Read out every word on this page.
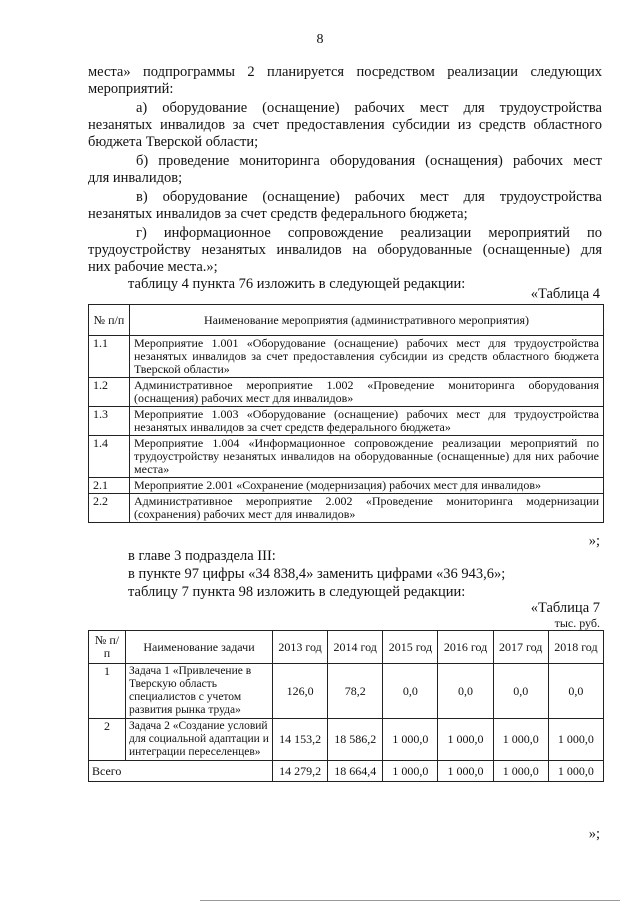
8
места» подпрограммы 2 планируется посредством реализации следующих
мероприятий:
а) оборудование (оснащение) рабочих мест для трудоустройства
незанятых инвалидов за счет предоставления субсидии из средств областного
бюджета Тверской области;
б) проведение мониторинга оборудования (оснащения) рабочих мест
для инвалидов;
в) оборудование (оснащение) рабочих мест для трудоустройства
незанятых инвалидов за счет средств федерального бюджета;
г) информационное сопровождение реализации мероприятий по
трудоустройству незанятых инвалидов на оборудованные (оснащенные) для
них рабочие места.»;
таблицу 4 пункта 76 изложить в следующей редакции:
«Таблица 4
№ п/п	Наименование мероприятия (административного мероприятия)
1.1	Мероприятие 1.001 «Оборудование (оснащение) рабочих мест для трудоустройства незанятых инвалидов за счет предоставления субсидии из средств областного бюджета Тверской области»
1.2	Административное мероприятие 1.002 «Проведение мониторинга оборудования (оснащения) рабочих мест для инвалидов»
1.3	Мероприятие 1.003 «Оборудование (оснащение) рабочих мест для трудоустройства незанятых инвалидов за счет средств федерального бюджета»
1.4	Мероприятие 1.004 «Информационное сопровождение реализации мероприятий по трудоустройству незанятых инвалидов на оборудованные (оснащенные) для них рабочие места»
2.1	Мероприятие 2.001 «Сохранение (модернизация) рабочих мест для инвалидов»
2.2	Административное мероприятие 2.002 «Проведение мониторинга модернизации (сохранения) рабочих мест для инвалидов»
»;
в главе 3 подраздела III:
в пункте 97 цифры «34 838,4» заменить цифрами «36 943,6»;
таблицу 7 пункта 98 изложить в следующей редакции:
«Таблица 7
тыс. руб.
№ п/п	Наименование задачи	2013 год	2014 год	2015 год	2016 год	2017 год	2018 год
1	Задача 1 «Привлечение в Тверскую область специалистов с учетом развития рынка труда»	126,0	78,2	0,0	0,0	0,0	0,0
2	Задача 2 «Создание условий для социальной адаптации и интеграции переселенцев»	14 153,2	18 586,2	1 000,0	1 000,0	1 000,0	1 000,0
Всего		14 279,2	18 664,4	1 000,0	1 000,0	1 000,0	1 000,0
»;
